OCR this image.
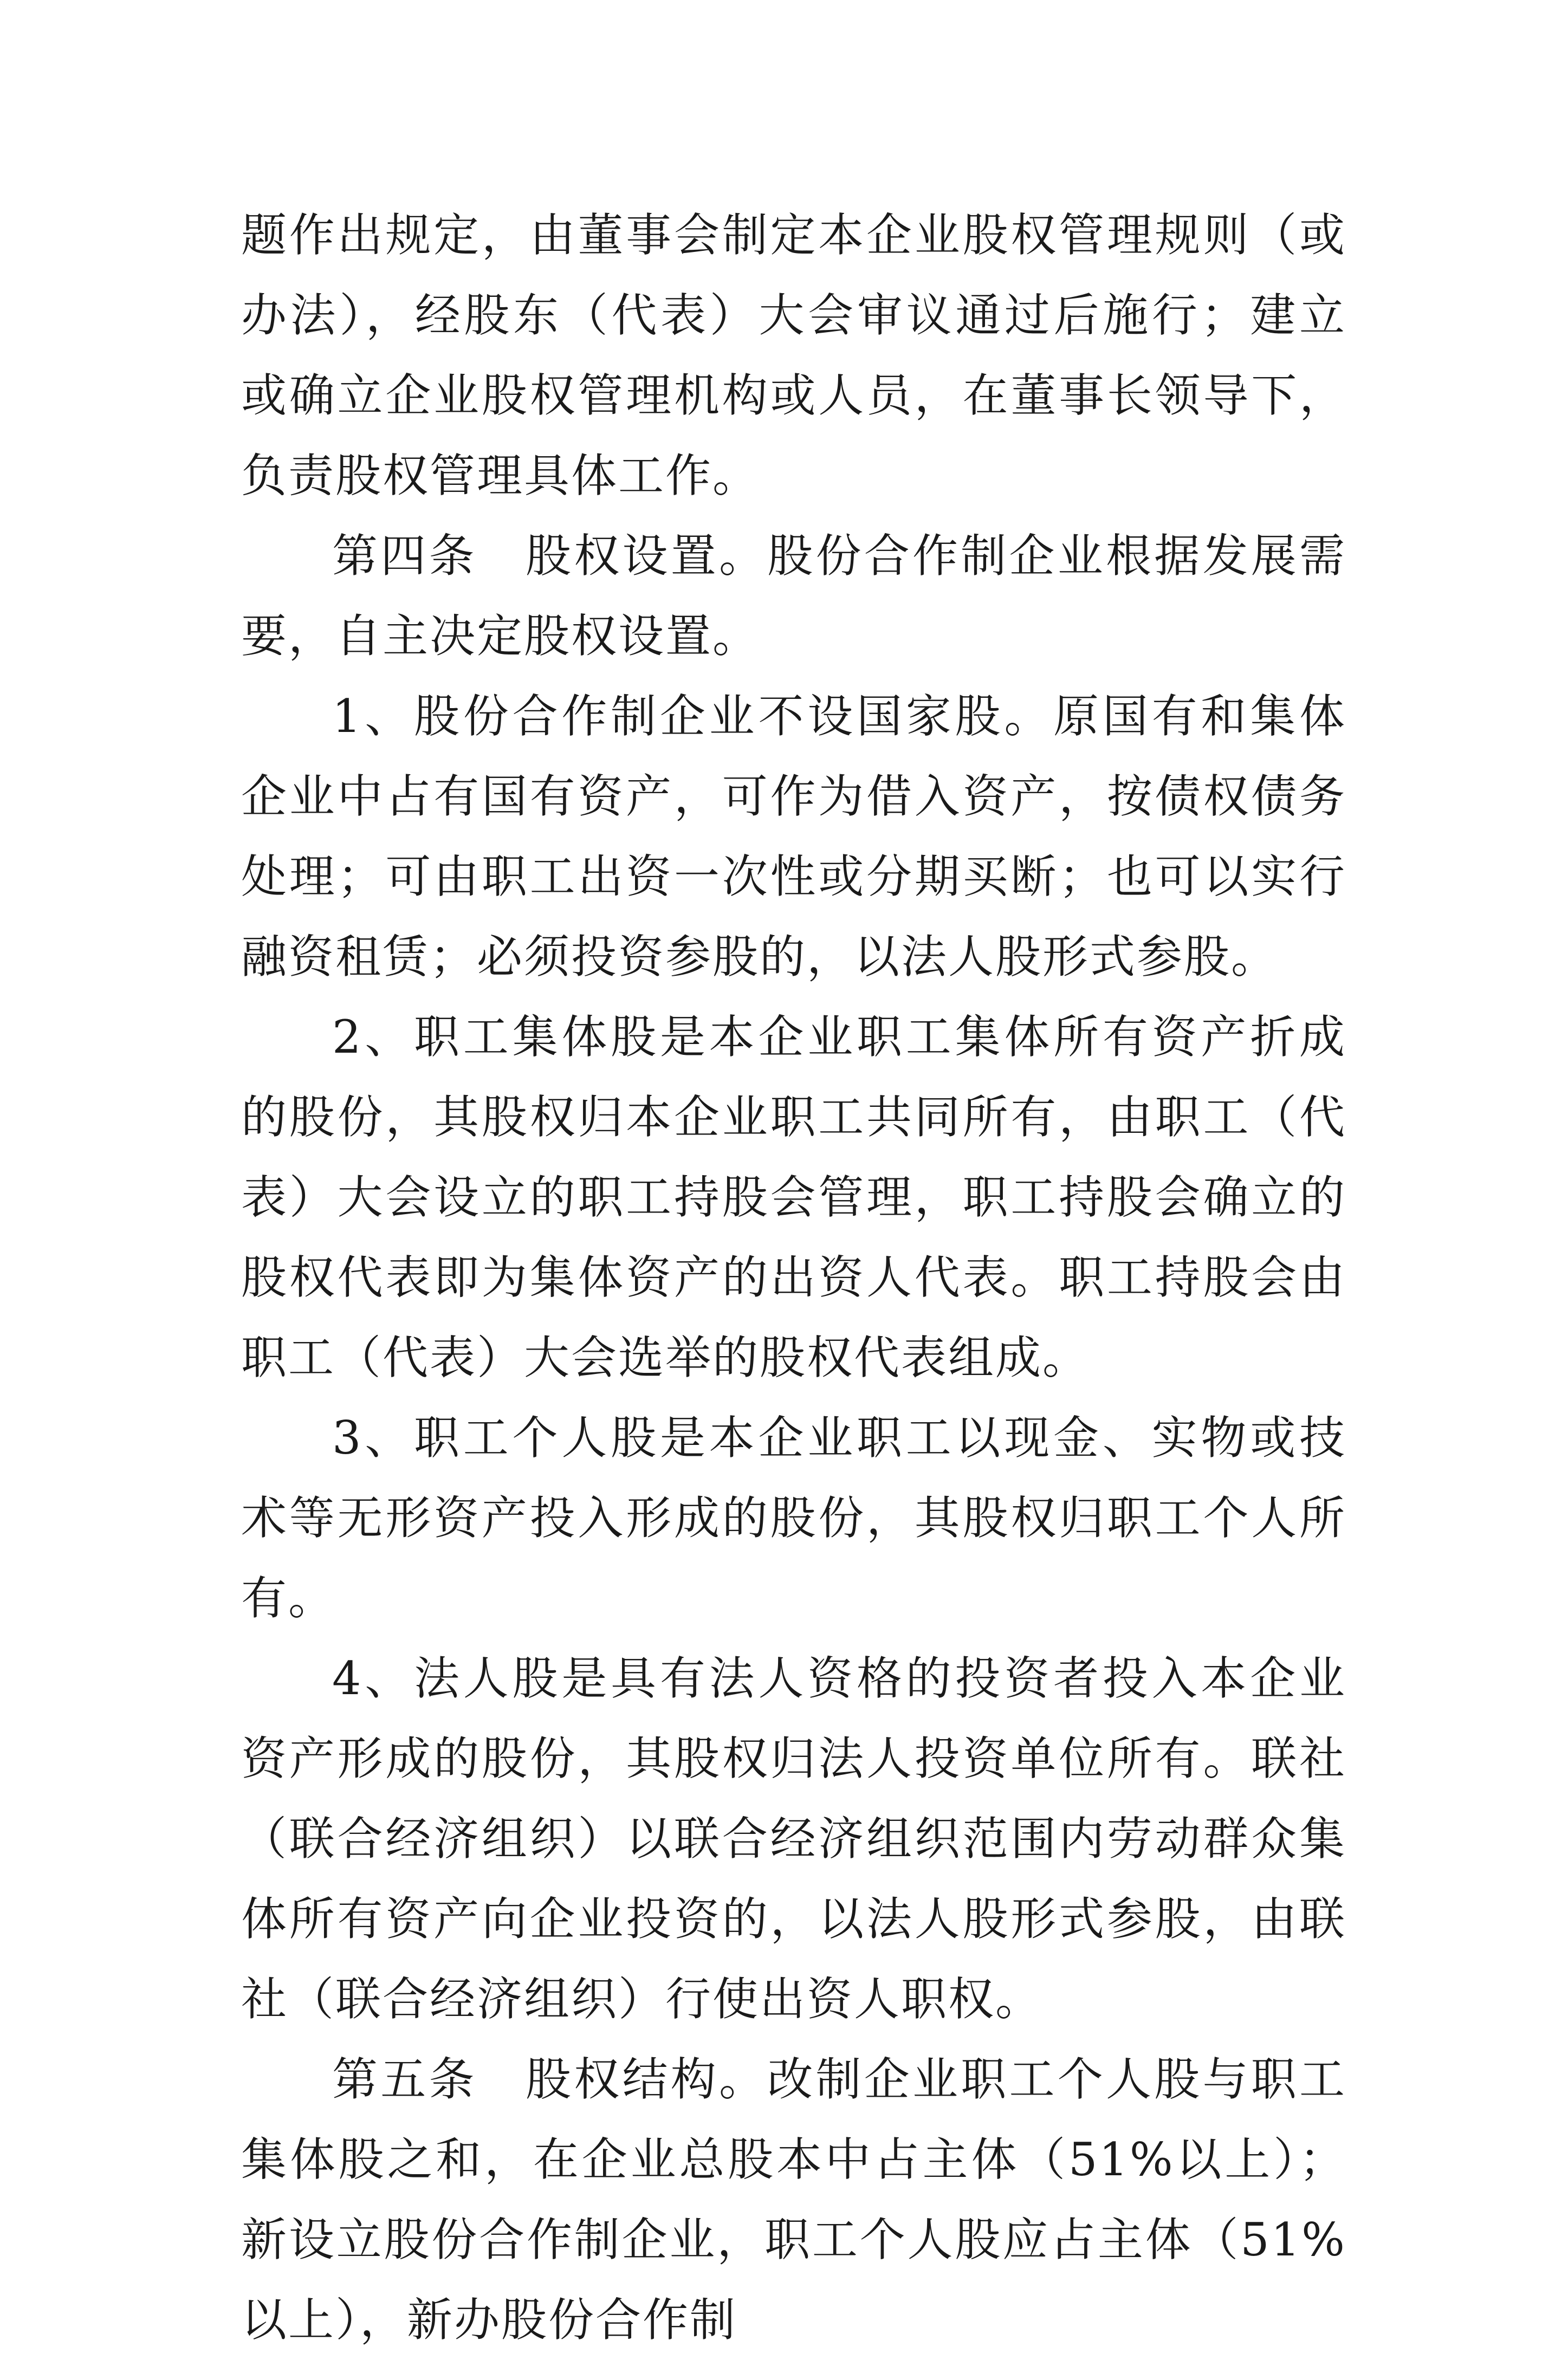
题作出规定，由董事会制定本企业股权管理规则（或办法），经股东（代表）大会审议通过后施行；建立或确立企业股权管理机构或人员，在董事长领导下，负责股权管理具体工作。

第四条　股权设置。股份合作制企业根据发展需要，自主决定股权设置。

1、股份合作制企业不设国家股。原国有和集体企业中占有国有资产，可作为借入资产，按债权债务处理；可由职工出资一次性或分期买断；也可以实行融资租赁；必须投资参股的，以法人股形式参股。

2、职工集体股是本企业职工集体所有资产折成的股份，其股权归本企业职工共同所有，由职工（代表）大会设立的职工持股会管理，职工持股会确立的股权代表即为集体资产的出资人代表。职工持股会由职工（代表）大会选举的股权代表组成。

3、职工个人股是本企业职工以现金、实物或技术等无形资产投入形成的股份，其股权归职工个人所有。

4、法人股是具有法人资格的投资者投入本企业资产形成的股份，其股权归法人投资单位所有。联社（联合经济组织）以联合经济组织范围内劳动群众集体所有资产向企业投资的，以法人股形式参股，由联社（联合经济组织）行使出资人职权。

第五条　股权结构。改制企业职工个人股与职工集体股之和，在企业总股本中占主体（51%以上）；新设立股份合作制企业，职工个人股应占主体（51%以上），新办股份合作制
